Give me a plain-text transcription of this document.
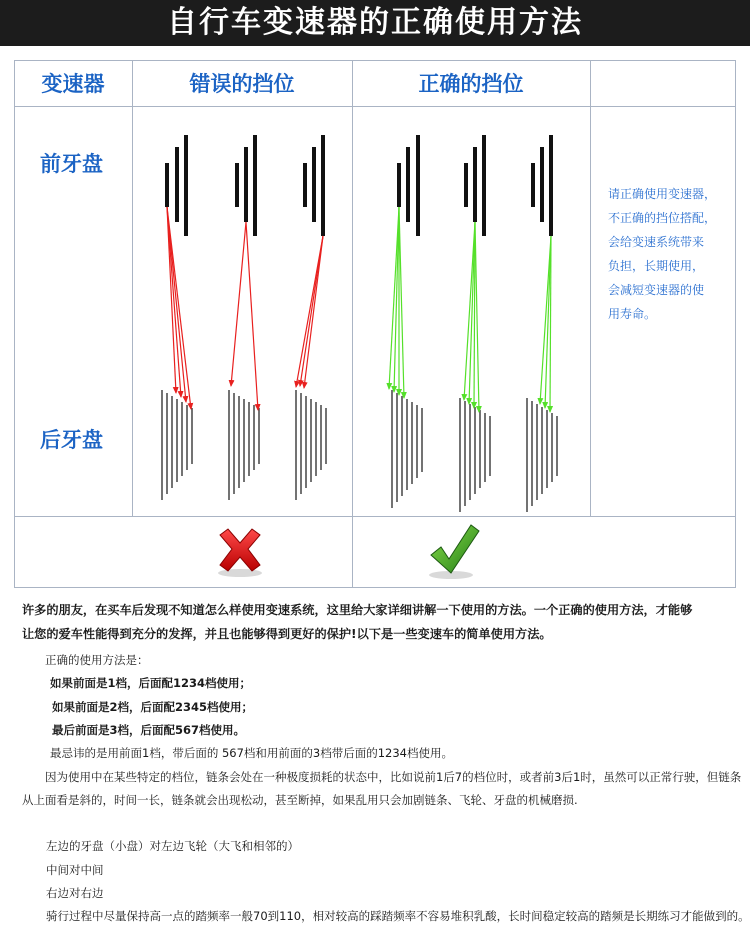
自行车变速器的正确使用方法
变速器	错误的挡位	正确的挡位
前牙盘
后牙盘
请正确使用变速器，
不正确的挡位搭配，
会给变速系统带来
负担，长期使用，
会减短变速器的使
用寿命。
许多的朋友，在买车后发现不知道怎么样使用变速系统，这里给大家详细讲解一下使用的方法。一个正确的使用方法，才能够
让您的爱车性能得到充分的发挥，并且也能够得到更好的保护!以下是一些变速车的简单使用方法。
正确的使用方法是：
如果前面是1档，后面配1234档使用；
如果前面是2档，后面配2345档使用；
最后前面是3档，后面配567档使用。
最忌讳的是用前面1档，带后面的 567档和用前面的3档带后面的1234档使用。
因为使用中在某些特定的档位，链条会处在一种极度损耗的状态中，比如说前1后7的档位时，或者前3后1时，虽然可以正常行驶，但链条
从上面看是斜的，时间一长，链条就会出现松动，甚至断掉，如果乱用只会加剧链条、飞轮、牙盘的机械磨损.
左边的牙盘（小盘）对左边飞轮（大飞和相邻的）
中间对中间
右边对右边
骑行过程中尽量保持高一点的踏频率一般70到110，相对较高的踩踏频率不容易堆积乳酸，长时间稳定较高的踏频是长期练习才能做到的。
